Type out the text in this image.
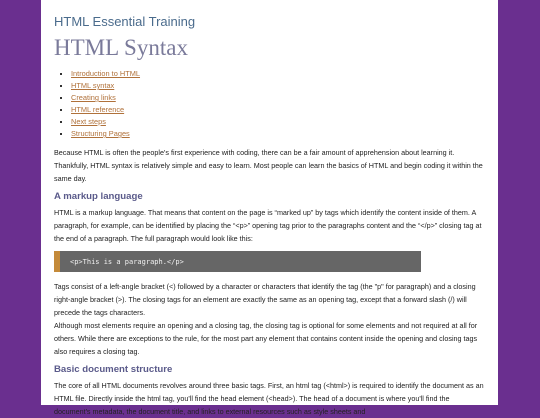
HTML Essential Training
HTML Syntax
▪ Introduction to HTML
▪ HTML syntax
▪ Creating links
▪ HTML reference
▪ Next steps
▪ Structuring Pages

Because HTML is often the people's first experience with coding, there can be a fair amount of apprehension about learning it. Thankfully, HTML syntax is relatively simple and easy to learn. Most people can learn the basics of HTML and begin coding it within the same day.

A markup language

HTML is a markup language. That means that content on the page is “marked up” by tags which identify the content inside of them. A paragraph, for example, can be identified by placing the “<p>” opening tag prior to the paragraphs content and the “</p>” closing tag at the end of a paragraph. The full paragraph would look like this:

<p>This is a paragraph.</p>

Tags consist of a left-angle bracket (<) followed by a character or characters that identify the tag (the "p" for paragraph) and a closing right-angle bracket (>). The closing tags for an element are exactly the same as an opening tag, except that a forward slash (/) will precede the tags characters.

Although most elements require an opening and a closing tag, the closing tag is optional for some elements and not required at all for others. While there are exceptions to the rule, for the most part any element that contains content inside the opening and closing tags also requires a closing tag.

Basic document structure

The core of all HTML documents revolves around three basic tags. First, an html tag (<html>) is required to identify the document as an HTML file. Directly inside the html tag, you'll find the head element (<head>). The head of a document is where you'll find the document's metadata, the document title, and links to external resources such as style sheets and
